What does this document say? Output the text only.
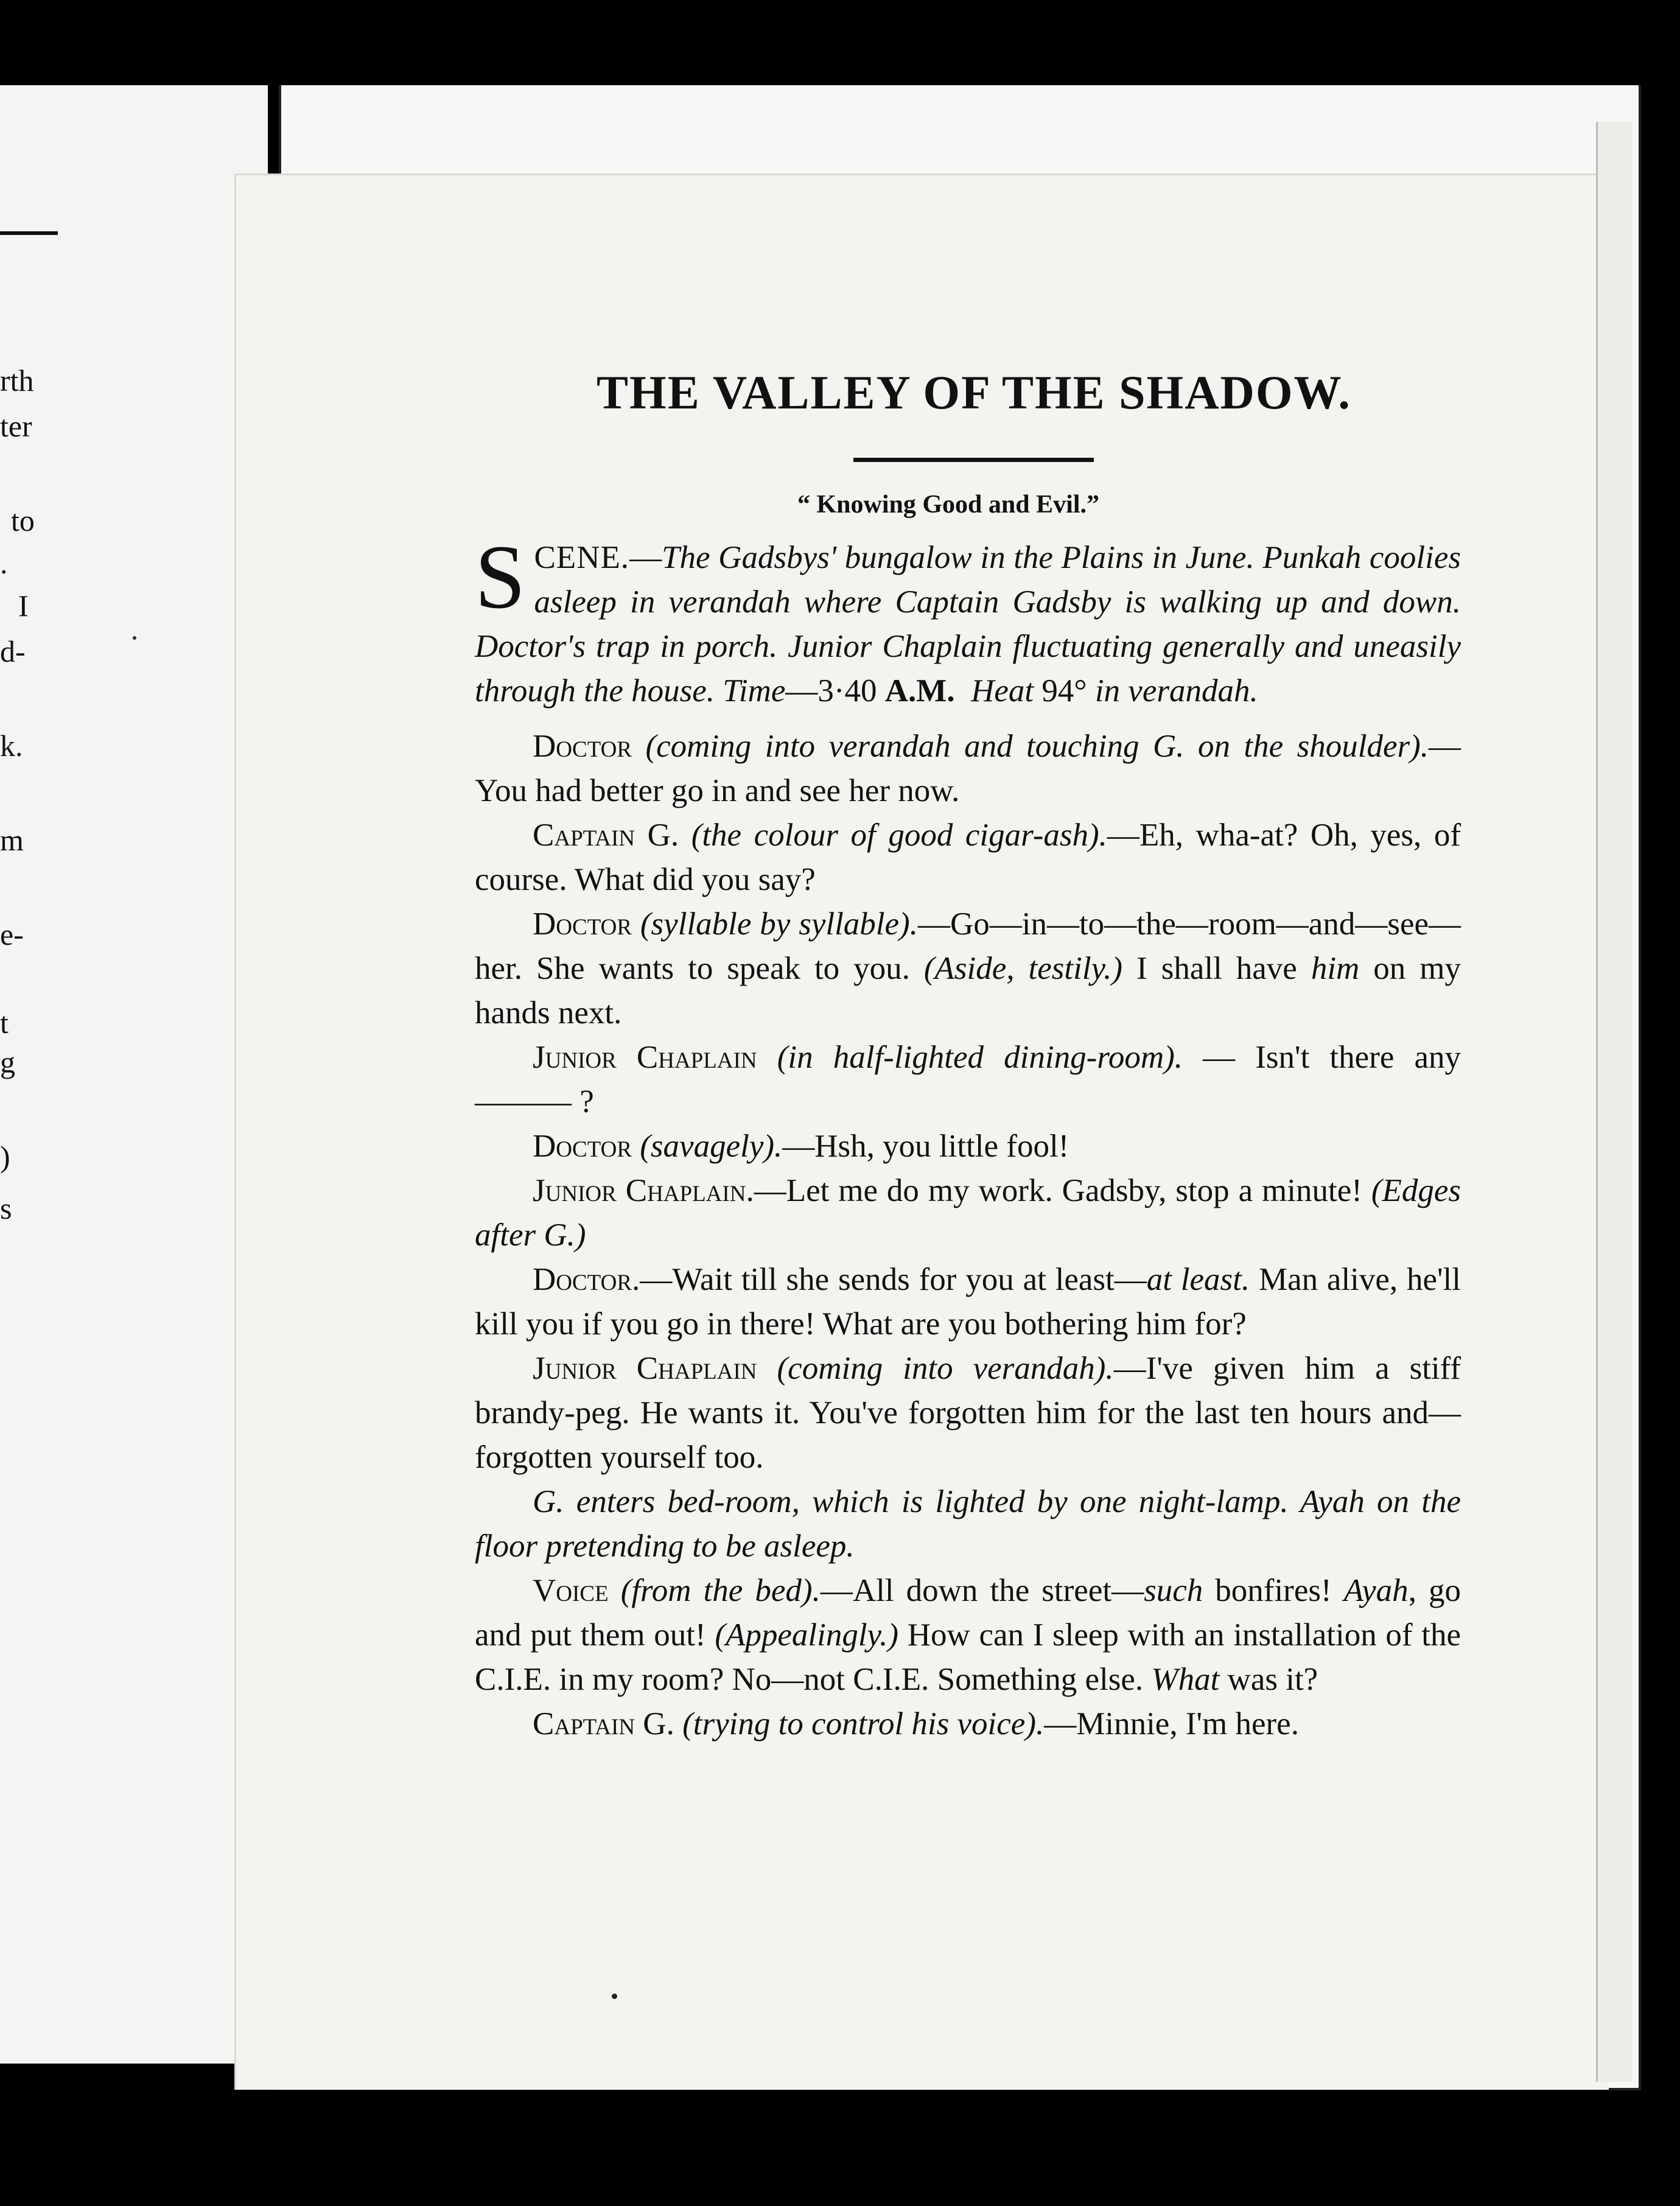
rth
ter
to
.
I
d-
k.
m
e-
t
g
)
s
THE VALLEY OF THE SHADOW.
“ Knowing Good and Evil.”
S CENE.—The Gadsbys' bungalow in the Plains in June. Punkah coolies asleep in verandah where Captain Gadsby is walking up and down. Doctor's trap in porch. Junior Chaplain fluctuating generally and uneasily through the house. Time—3·40 A.M. Heat 94° in verandah.

Doctor (coming into verandah and touching G. on the shoulder).—You had better go in and see her now.

Captain G. (the colour of good cigar-ash).—Eh, wha-at? Oh, yes, of course. What did you say?

Doctor (syllable by syllable).—Go—in—to—the—room—and—see—her. She wants to speak to you. (Aside, testily.) I shall have him on my hands next.

Junior Chaplain (in half-lighted dining-room). — Isn't there any ——— ?

Doctor (savagely).—Hsh, you little fool!

Junior Chaplain.—Let me do my work. Gadsby, stop a minute! (Edges after G.)

Doctor.—Wait till she sends for you at least—at least. Man alive, he'll kill you if you go in there! What are you bothering him for?

Junior Chaplain (coming into verandah).—I've given him a stiff brandy-peg. He wants it. You've forgotten him for the last ten hours and—forgotten yourself too.

G. enters bed-room, which is lighted by one night-lamp. Ayah on the floor pretending to be asleep.

Voice (from the bed).—All down the street—such bonfires! Ayah, go and put them out! (Appealingly.) How can I sleep with an installation of the C.I.E. in my room? No—not C.I.E. Something else. What was it?

Captain G. (trying to control his voice).—Minnie, I'm here.
